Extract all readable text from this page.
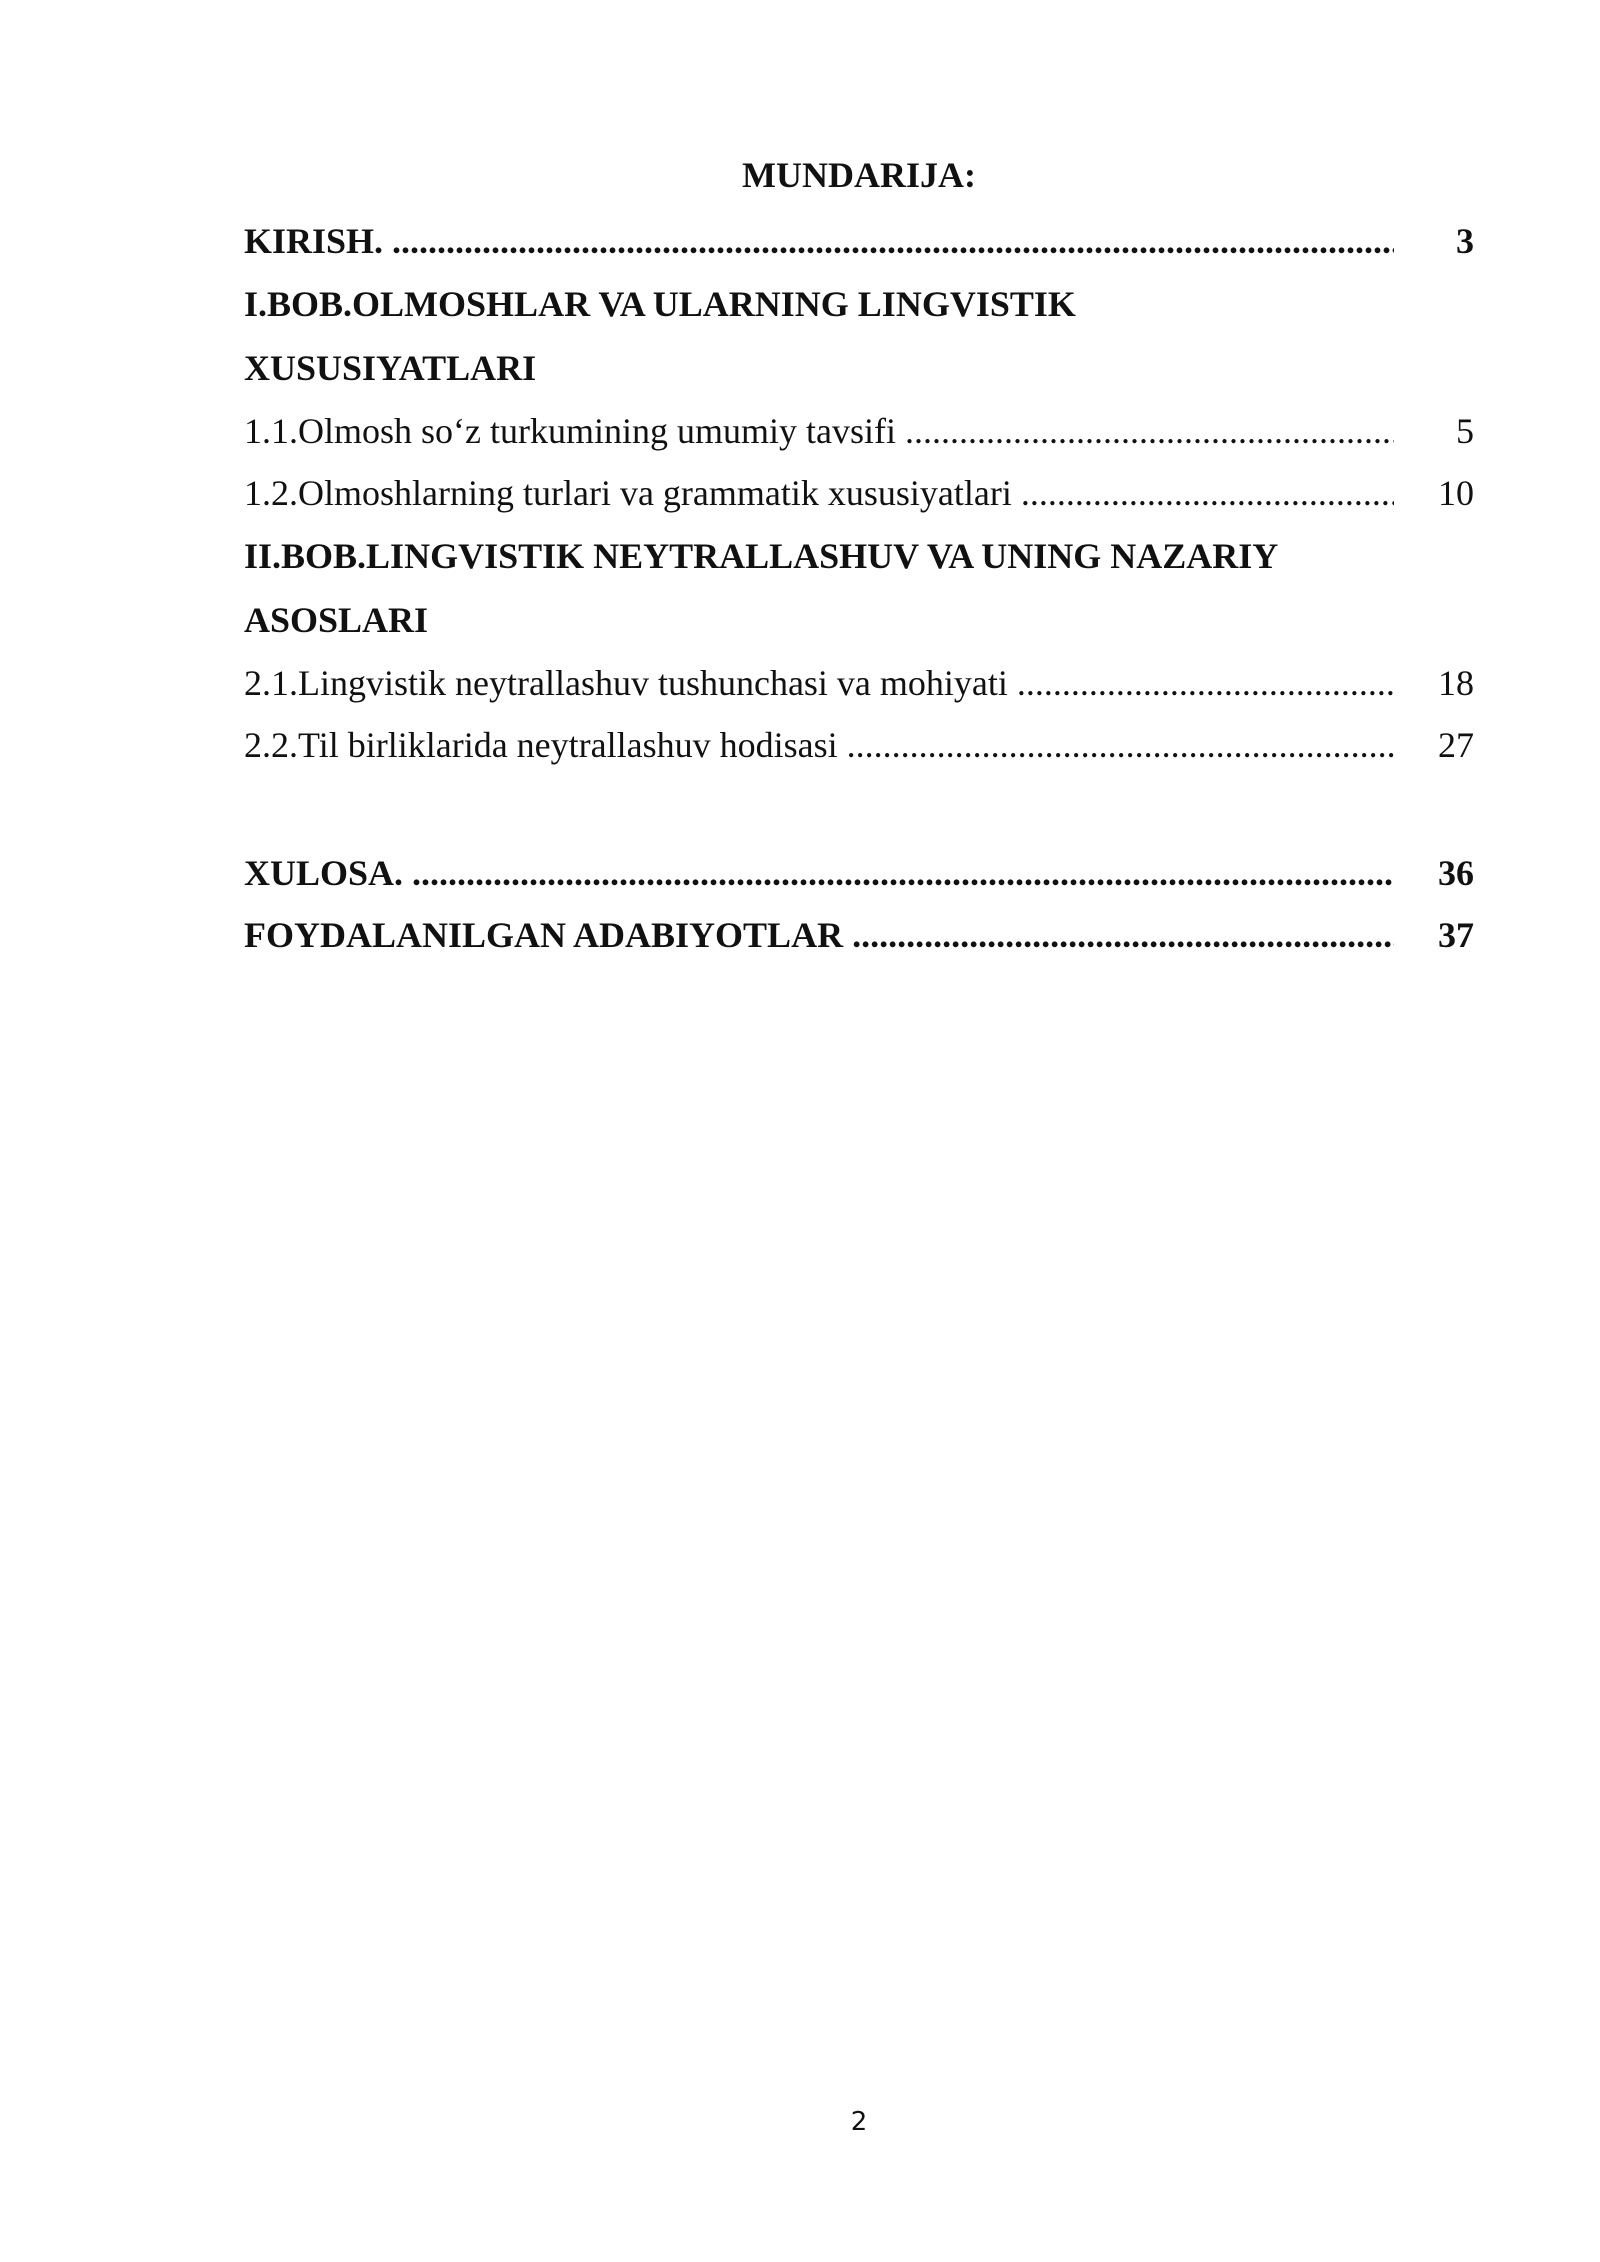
MUNDARIJA:
KIRISH. .....	3
I.BOB.OLMOSHLAR VA ULARNING LINGVISTIK
XUSUSIYATLARI
1.1.Olmosh so‘z turkumining umumiy tavsifi .....	5
1.2.Olmoshlarning turlari va grammatik xususiyatlari .....	10
II.BOB.LINGVISTIK NEYTRALLASHUV VA UNING NAZARIY
ASOSLARI
2.1.Lingvistik neytrallashuv tushunchasi va mohiyati .....	18
2.2.Til birliklarida neytrallashuv hodisasi .....	27
XULOSA. .....	36
FOYDALANILGAN ADABIYOTLAR .....	37
2
